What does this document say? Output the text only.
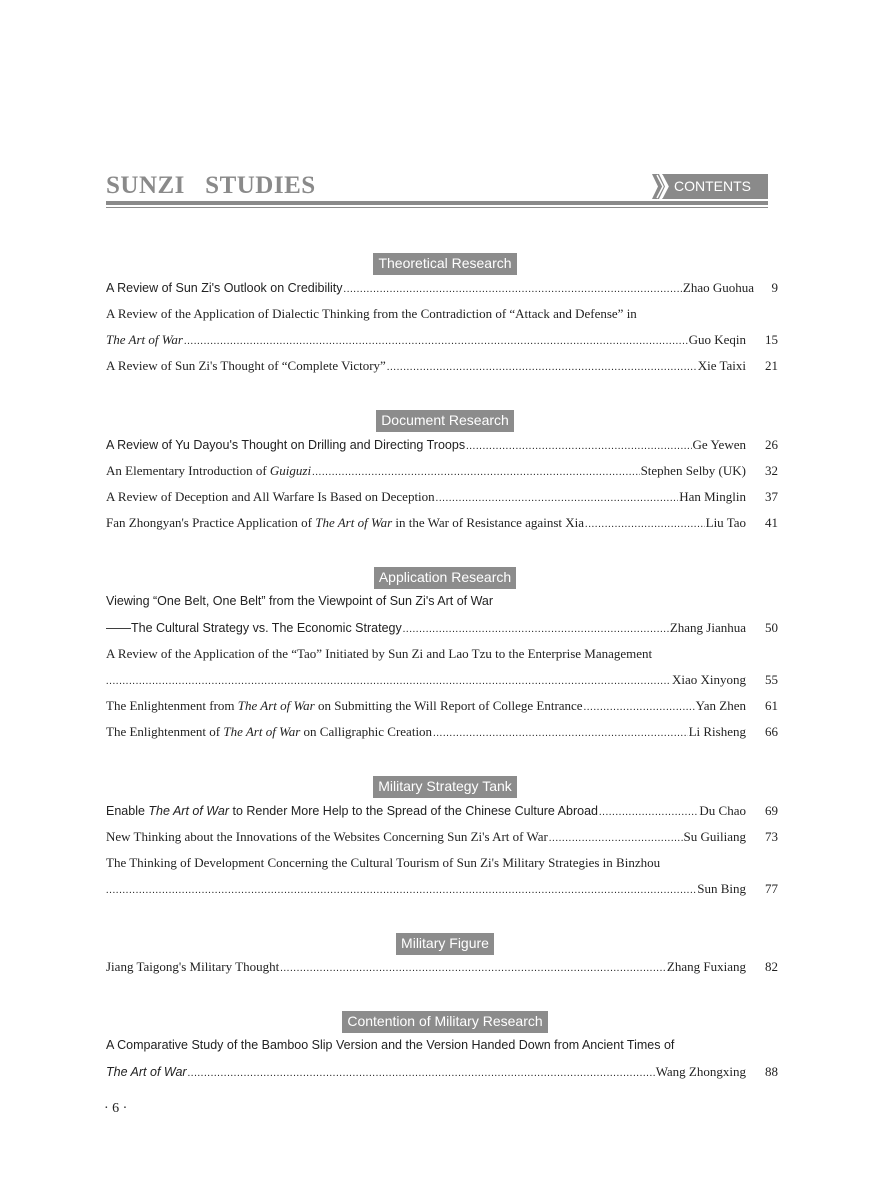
SUNZI   STUDIES	CONTENTS
Theoretical Research
A Review of Sun Zi's Outlook on Credibility .....	Zhao Guohua	9
A Review of the Application of Dialectic Thinking from the Contradiction of “Attack and Defense” in
The Art of War .....	Guo Keqin	15
A Review of Sun Zi's Thought of “Complete Victory” .....	Xie Taixi	21
Document Research
A Review of Yu Dayou's Thought on Drilling and Directing Troops .....	Ge Yewen	26
An Elementary Introduction of Guiguzi .....	Stephen Selby (UK)	32
A Review of Deception and All Warfare Is Based on Deception .....	Han Minglin	37
Fan Zhongyan's Practice Application of The Art of War in the War of Resistance against Xia .....	Liu Tao	41
Application Research
Viewing “One Belt, One Belt” from the Viewpoint of Sun Zi's Art of War
——The Cultural Strategy vs. The Economic Strategy .....	Zhang Jianhua	50
A Review of the Application of the “Tao” Initiated by Sun Zi and Lao Tzu to the Enterprise Management
.....
Xiao Xinyong	55
The Enlightenment from The Art of War on Submitting the Will Report of College Entrance .....	Yan Zhen	61
The Enlightenment of The Art of War on Calligraphic Creation .....	Li Risheng	66
Military Strategy Tank
Enable The Art of War to Render More Help to the Spread of the Chinese Culture Abroad .....	Du Chao	69
New Thinking about the Innovations of the Websites Concerning Sun Zi's Art of War .....	Su Guiliang	73
The Thinking of Development Concerning the Cultural Tourism of Sun Zi's Military Strategies in Binzhou
.....
Sun Bing	77
Military Figure
Jiang Taigong's Military Thought .....	Zhang Fuxiang	82
Contention of Military Research
A Comparative Study of the Bamboo Slip Version and the Version Handed Down from Ancient Times of
The Art of War .....	Wang Zhongxing	88
· 6 ·
